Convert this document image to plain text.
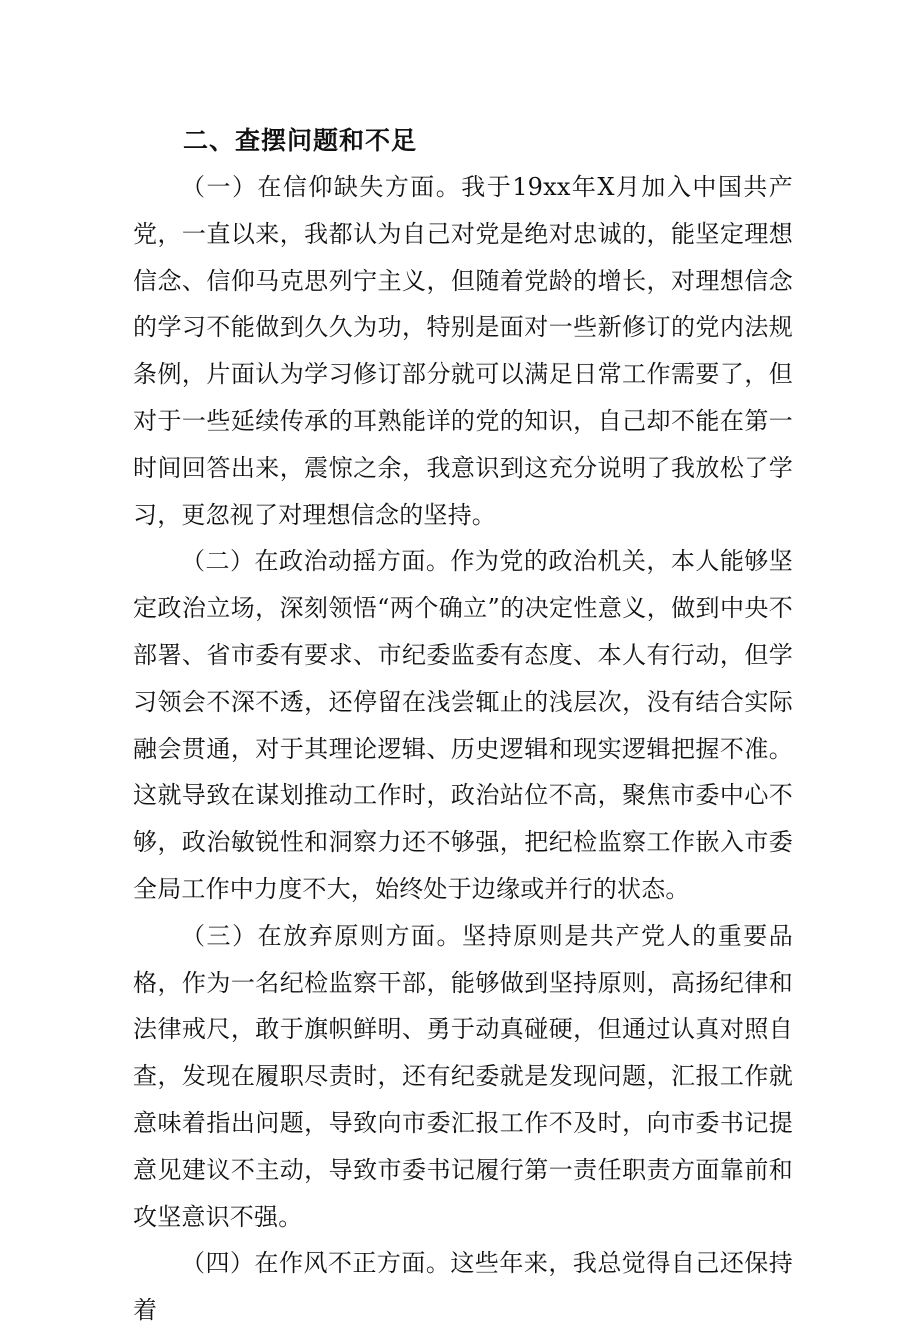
二、查摆问题和不足

（一）在信仰缺失方面。我于19xx年X月加入中国共产党，一直以来，我都认为自己对党是绝对忠诚的，能坚定理想信念、信仰马克思列宁主义，但随着党龄的增长，对理想信念的学习不能做到久久为功，特别是面对一些新修订的党内法规条例，片面认为学习修订部分就可以满足日常工作需要了，但对于一些延续传承的耳熟能详的党的知识，自己却不能在第一时间回答出来，震惊之余，我意识到这充分说明了我放松了学习，更忽视了对理想信念的坚持。

（二）在政治动摇方面。作为党的政治机关，本人能够坚定政治立场，深刻领悟“两个确立”的决定性意义，做到中央不部署、省市委有要求、市纪委监委有态度、本人有行动，但学习领会不深不透，还停留在浅尝辄止的浅层次，没有结合实际融会贯通，对于其理论逻辑、历史逻辑和现实逻辑把握不准。这就导致在谋划推动工作时，政治站位不高，聚焦市委中心不够，政治敏锐性和洞察力还不够强，把纪检监察工作嵌入市委全局工作中力度不大，始终处于边缘或并行的状态。

（三）在放弃原则方面。坚持原则是共产党人的重要品格，作为一名纪检监察干部，能够做到坚持原则，高扬纪律和法律戒尺，敢于旗帜鲜明、勇于动真碰硬，但通过认真对照自查，发现在履职尽责时，还有纪委就是发现问题，汇报工作就意味着指出问题，导致向市委汇报工作不及时，向市委书记提意见建议不主动，导致市委书记履行第一责任职责方面靠前和攻坚意识不强。

（四）在作风不正方面。这些年来，我总觉得自己还保持着
